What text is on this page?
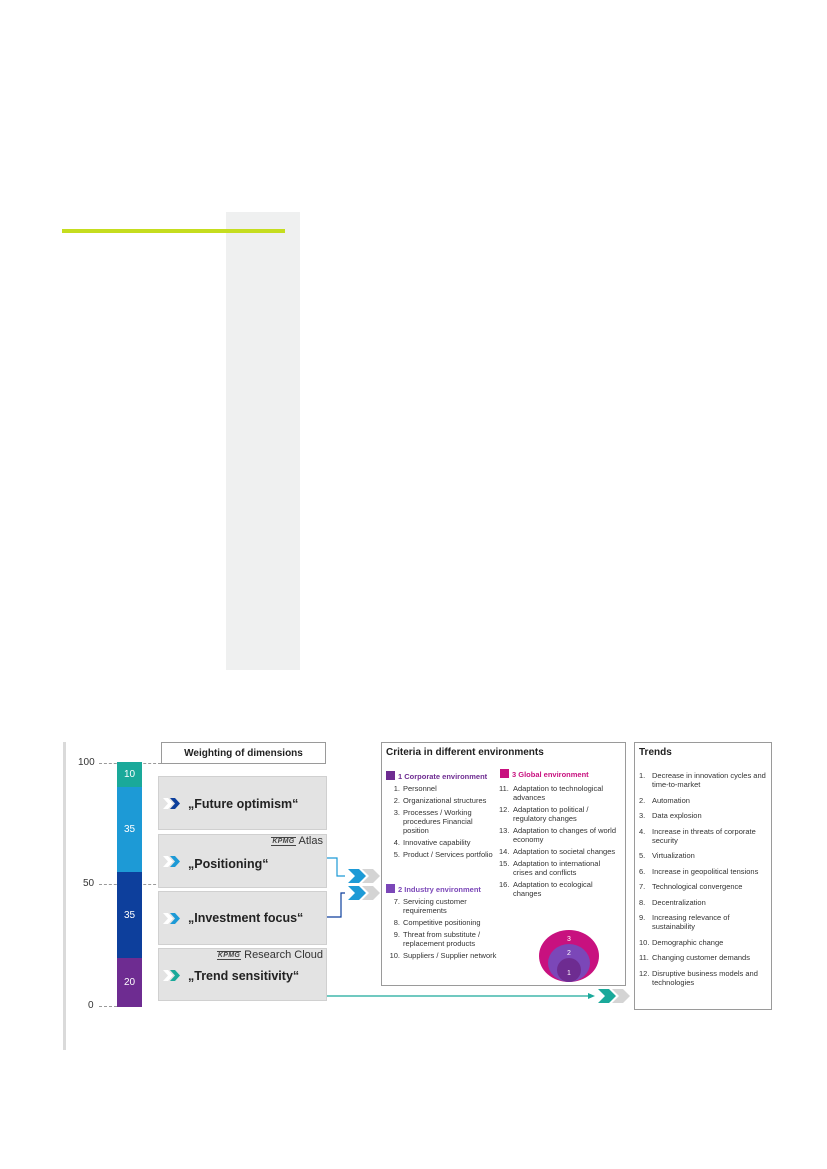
100
50
0
10
35
35
20
Weighting of dimensions
„Future optimism“
KPMG Atlas
„Positioning“
„Investment focus“
KPMG Research Cloud
„Trend sensitivity“
Criteria in different environments
1 Corporate environment
1. Personnel
2. Organizational structures
3. Processes / Working procedures Financial position
4. Innovative capability
5. Product / Services portfolio
2 Industry environment
7. Servicing customer requirements
8. Competitive positioning
9. Threat from substitute / replacement products
10. Suppliers / Supplier network
3 Global environment
11. Adaptation to technological advances
12. Adaptation to political / regulatory changes
13. Adaptation to changes of world economy
14. Adaptation to societal changes
15. Adaptation to international crises and conflicts
16. Adaptation to ecological changes
3
2
1
Trends
1. Decrease in innovation cycles and time-to-market
2. Automation
3. Data explosion
4. Increase in threats of corporate security
5. Virtualization
6. Increase in geopolitical tensions
7. Technological convergence
8. Decentralization
9. Increasing relevance of sustainability
10. Demographic change
11. Changing customer demands
12. Disruptive business models and technologies
